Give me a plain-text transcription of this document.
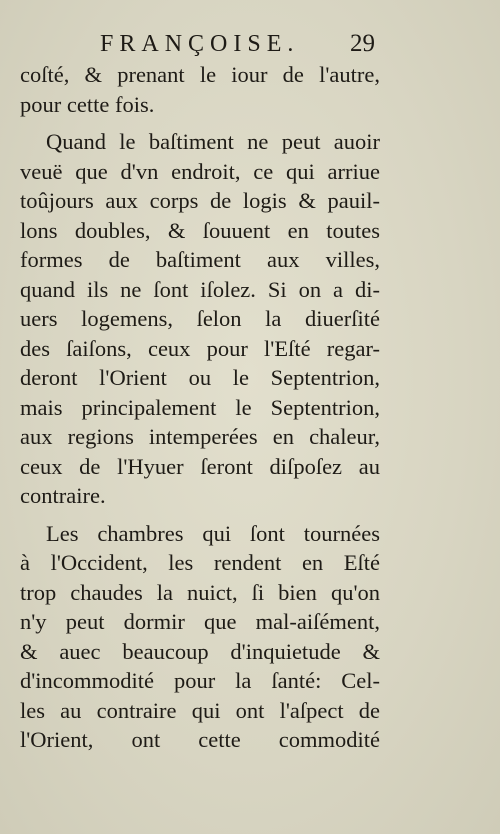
FRANÇOISE. 29
coſté, & prenant le iour de l'autre,
pour cette fois.
Quand le baſtiment ne peut auoir
veuë que d'vn endroit, ce qui arriue
toûjours aux corps de logis & pauil-
lons doubles, & ſouuent en toutes
formes de baſtiment aux villes,
quand ils ne ſont iſolez. Si on a di-
uers logemens, ſelon la diuerſité
des ſaiſons, ceux pour l'Eſté regar-
deront l'Orient ou le Septentrion,
mais principalement le Septentrion,
aux regions intemperées en chaleur,
ceux de l'Hyuer ſeront diſpoſez au
contraire.
Les chambres qui ſont tournées
à l'Occident, les rendent en Eſté
trop chaudes la nuict, ſi bien qu'on
n'y peut dormir que mal-aiſément,
& auec beaucoup d'inquietude &
d'incommodité pour la ſanté: Cel-
les au contraire qui ont l'aſpect de
l'Orient, ont cette commodité
